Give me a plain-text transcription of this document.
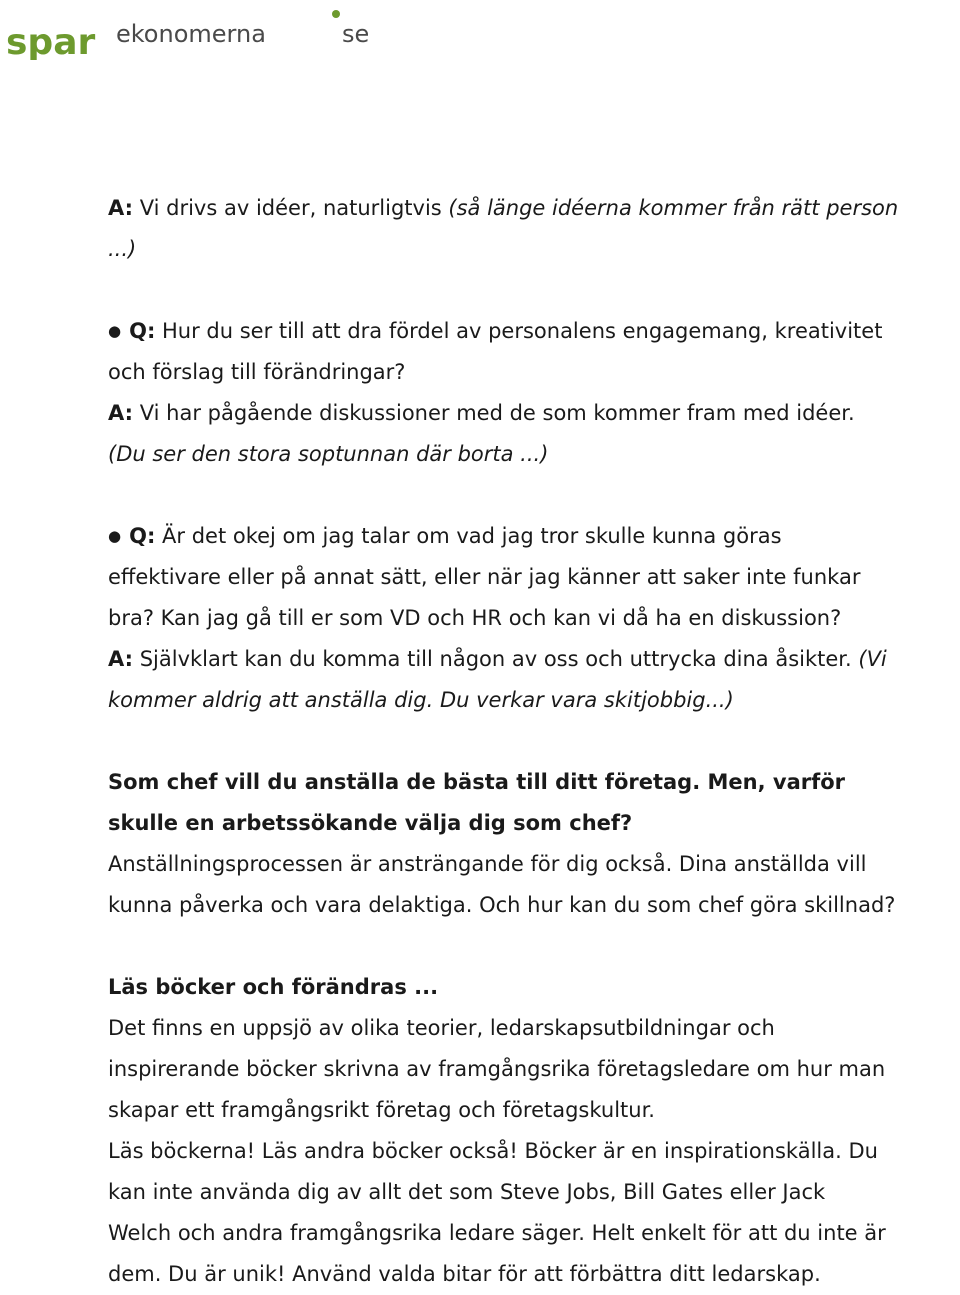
spar ekonomerna	se

A: Vi drivs av idéer, naturligtvis (så länge idéerna kommer från rätt person

...)

● Q: Hur du ser till att dra fördel av personalens engagemang, kreativitet

och förslag till förändringar?

A: Vi har pågående diskussioner med de som kommer fram med idéer.

(Du ser den stora soptunnan där borta ...)

● Q: Är det okej om jag talar om vad jag tror skulle kunna göras

effektivare eller på annat sätt, eller när jag känner att saker inte funkar

bra? Kan jag gå till er som VD och HR och kan vi då ha en diskussion?

A: Självklart kan du komma till någon av oss och uttrycka dina åsikter. (Vi

kommer aldrig att anställa dig. Du verkar vara skitjobbig...)

Som chef vill du anställa de bästa till ditt företag. Men, varför

skulle en arbetssökande välja dig som chef?

Anställningsprocessen är ansträngande för dig också. Dina anställda vill

kunna påverka och vara delaktiga. Och hur kan du som chef göra skillnad?

Läs böcker och förändras ...

Det finns en uppsjö av olika teorier, ledarskapsutbildningar och

inspirerande böcker skrivna av framgångsrika företagsledare om hur man

skapar ett framgångsrikt företag och företagskultur.

Läs böckerna! Läs andra böcker också! Böcker är en inspirationskälla. Du

kan inte använda dig av allt det som Steve Jobs, Bill Gates eller Jack

Welch och andra framgångsrika ledare säger. Helt enkelt för att du inte är

dem. Du är unik! Använd valda bitar för att förbättra ditt ledarskap.
